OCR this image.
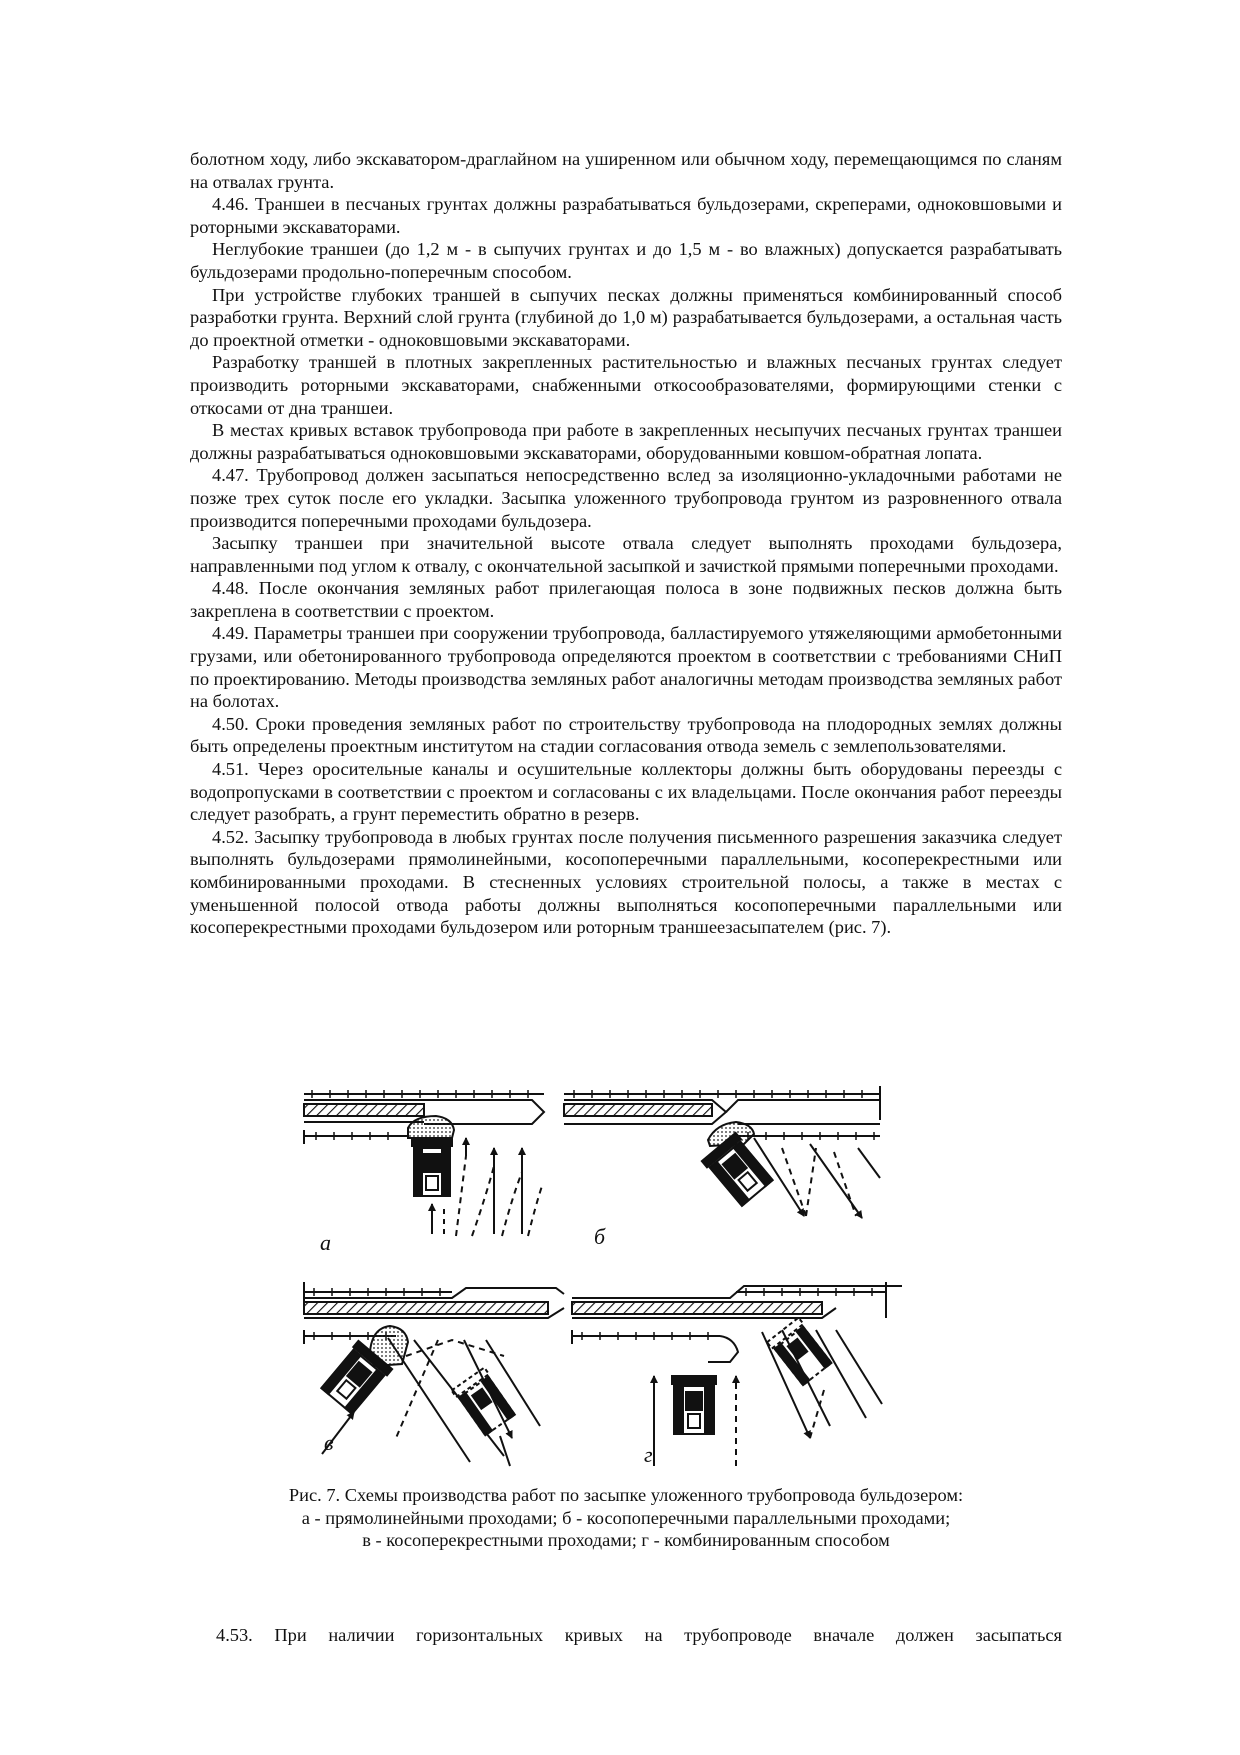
болотном ходу, либо экскаватором-драглайном на уширенном или обычном ходу, перемещающимся по сланям на отвалах грунта.

4.46. Траншеи в песчаных грунтах должны разрабатываться бульдозерами, скреперами, одноковшовыми и роторными экскаваторами.

Неглубокие траншеи (до 1,2 м - в сыпучих грунтах и до 1,5 м - во влажных) допускается разрабатывать бульдозерами продольно-поперечным способом.

При устройстве глубоких траншей в сыпучих песках должны применяться комбинированный способ разработки грунта. Верхний слой грунта (глубиной до 1,0 м) разрабатывается бульдозерами, а остальная часть до проектной отметки - одноковшовыми экскаваторами.

Разработку траншей в плотных закрепленных растительностью и влажных песчаных грунтах следует производить роторными экскаваторами, снабженными откосообразователями, формирующими стенки с откосами от дна траншеи.

В местах кривых вставок трубопровода при работе в закрепленных несыпучих песчаных грунтах траншеи должны разрабатываться одноковшовыми экскаваторами, оборудованными ковшом-обратная лопата.

4.47. Трубопровод должен засыпаться непосредственно вслед за изоляционно-укладочными работами не позже трех суток после его укладки. Засыпка уложенного трубопровода грунтом из разровненного отвала производится поперечными проходами бульдозера.

Засыпку траншеи при значительной высоте отвала следует выполнять проходами бульдозера, направленными под углом к отвалу, с окончательной засыпкой и зачисткой прямыми поперечными проходами.

4.48. После окончания земляных работ прилегающая полоса в зоне подвижных песков должна быть закреплена в соответствии с проектом.

4.49. Параметры траншеи при сооружении трубопровода, балластируемого утяжеляющими армобетонными грузами, или обетонированного трубопровода определяются проектом в соответствии с требованиями СНиП по проектированию. Методы производства земляных работ аналогичны методам производства земляных работ на болотах.

4.50. Сроки проведения земляных работ по строительству трубопровода на плодородных землях должны быть определены проектным институтом на стадии согласования отвода земель с землепользователями.

4.51. Через оросительные каналы и осушительные коллекторы должны быть оборудованы переезды с водопропусками в соответствии с проектом и согласованы с их владельцами. После окончания работ переезды следует разобрать, а грунт переместить обратно в резерв.

4.52. Засыпку трубопровода в любых грунтах после получения письменного разрешения заказчика следует выполнять бульдозерами прямолинейными, косопоперечными параллельными, косоперекрестными или комбинированными проходами. В стесненных условиях строительной полосы, а также в местах с уменьшенной полосой отвода работы должны выполняться косопоперечными параллельными или косоперекрестными проходами бульдозером или роторным траншеезасыпателем (рис. 7).

а	б
в	г
Рис. 7. Схемы производства работ по засыпке уложенного трубопровода бульдозером:
а - прямолинейными проходами; б - косопоперечными параллельными проходами;
в - косоперекрестными проходами; г - комбинированным способом

4.53. При наличии горизонтальных кривых на трубопроводе вначале должен засыпаться
